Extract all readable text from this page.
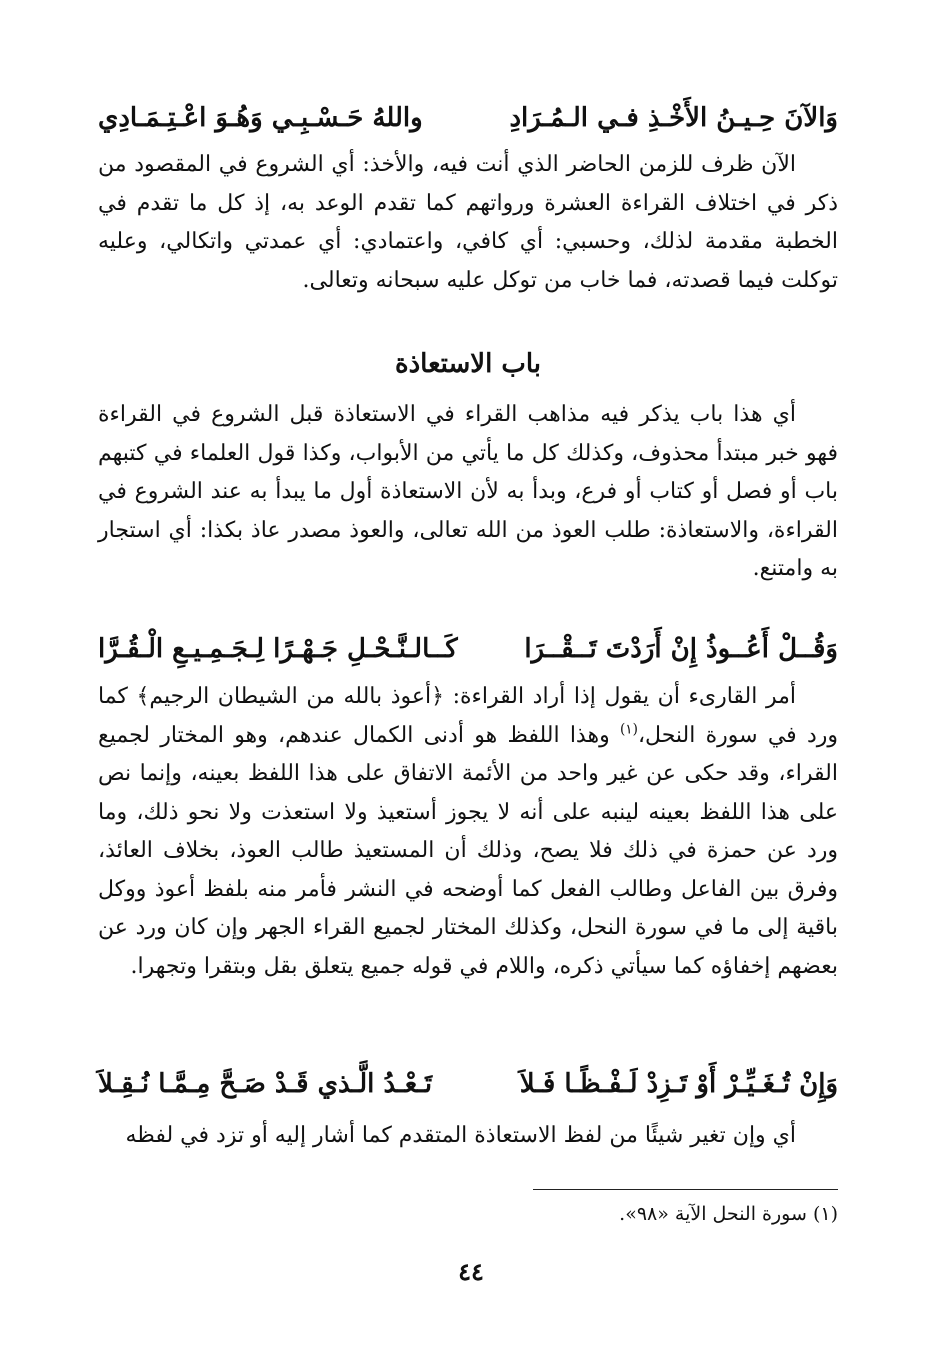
وَالآنَ حِـيـنُ الأَخْـذِ فـي الـمُـرَادِ
واللهُ حَـسْـبِـي وَهُـوَ اعْـتِـمَـادِي

الآن ظرف للزمن الحاضر الذي أنت فيه، والأخذ: أي الشروع في المقصود من ذكر في اختلاف القراءة العشرة ورواتهم كما تقدم الوعد به، إذ كل ما تقدم في الخطبة مقدمة لذلك، وحسبي: أي كافي، واعتمادي: أي عمدتي واتكالي، وعليه توكلت فيما قصدته، فما خاب من توكل عليه سبحانه وتعالى.

باب الاستعاذة

أي هذا باب يذكر فيه مذاهب القراء في الاستعاذة قبل الشروع في القراءة فهو خبر مبتدأ محذوف، وكذلك كل ما يأتي من الأبواب، وكذا قول العلماء في كتبهم باب أو فصل أو كتاب أو فرع، وبدأ به لأن الاستعاذة أول ما يبدأ به عند الشروع في القراءة، والاستعاذة: طلب العوذ من الله تعالى، والعوذ مصدر عاذ بكذا: أي استجار به وامتنع.

وَقُــلْ أَعُــوذُ إِنْ أَرَدْتَ تَــقْــرَا
كَــالـنَّـحْـلِ جَـهْـرًا لِـجَـمِـيـعِ الْـقُـرَّا

أمر القارىء أن يقول إذا أراد القراءة: ﴿أعوذ بالله من الشيطان الرجيم﴾ كما ورد في سورة النحل،$^{(١)}$ وهذا اللفظ هو أدنى الكمال عندهم، وهو المختار لجميع القراء، وقد حكى عن غير واحد من الأئمة الاتفاق على هذا اللفظ بعينه، وإنما نص على هذا اللفظ بعينه لينبه على أنه لا يجوز أستعيذ ولا استعذت ولا نحو ذلك، وما ورد عن حمزة في ذلك فلا يصح، وذلك أن المستعيذ طالب العوذ، بخلاف العائذ، وفرق بين الفاعل وطالب الفعل كما أوضحه في النشر فأمر منه بلفظ أعوذ ووكل باقية إلى ما في سورة النحل، وكذلك المختار لجميع القراء الجهر وإن كان ورد عن بعضهم إخفاؤه كما سيأتي ذكره، واللام في قوله جميع يتعلق بقل وبتقرا وتجهرا.

وَإِنْ تُـغَـيِّـرْ أَوْ تَـزِدْ لَـفْـظًـا فَـلاَ
تَـعْـدُ الَّـذي قَـدْ صَـحَّ مِـمَّـا نُـقِـلاَ

أي وإن تغير شيئًا من لفظ الاستعاذة المتقدم كما أشار إليه أو تزد في لفظه

(١) سورة النحل الآية «٩٨».

٤٤
